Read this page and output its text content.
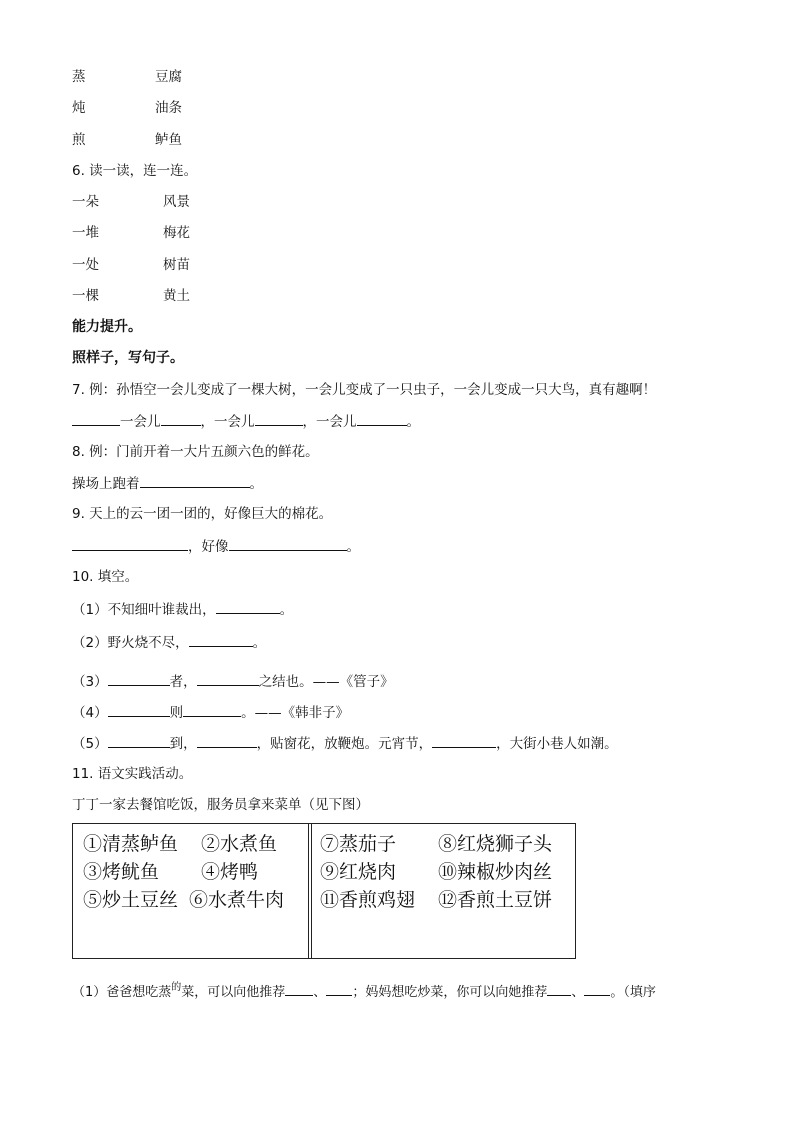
蒸	豆腐
炖	油条
煎	鲈鱼
6. 读一读，连一连。
一朵	风景
一堆	梅花
一处	树苗
一棵	黄土
能力提升。
照样子，写句子。
7. 例：孙悟空一会儿变成了一棵大树，一会儿变成了一只虫子，一会儿变成一只大鸟，真有趣啊！
一会儿	，一会儿	，一会儿	。
8. 例：门前开着一大片五颜六色的鲜花。
操场上跑着	。
9. 天上的云一团一团的，好像巨大的棉花。
，好像	。
10. 填空。
（1）不知细叶谁裁出，	。
（2）野火烧不尽，	。
（3）	者，	之结也。——《管子》
（4）	则	。——《韩非子》
（5）	到，	，贴窗花，放鞭炮。元宵节，	，大街小巷人如潮。
11. 语文实践活动。
丁丁一家去餐馆吃饭，服务员拿来菜单（见下图）
①清蒸鲈鱼 ②水煮鱼
③烤鱿鱼 ④烤鸭
⑤炒土豆丝 ⑥水煮牛肉
⑦蒸茄子 ⑧红烧狮子头
⑨红烧肉 ⑩辣椒炒肉丝
⑪香煎鸡翅 ⑫香煎土豆饼
（1）爸爸想吃蒸$^的$菜，可以向他推荐 、 ；妈妈想吃炒菜，你可以向她推荐 、 。（填序
